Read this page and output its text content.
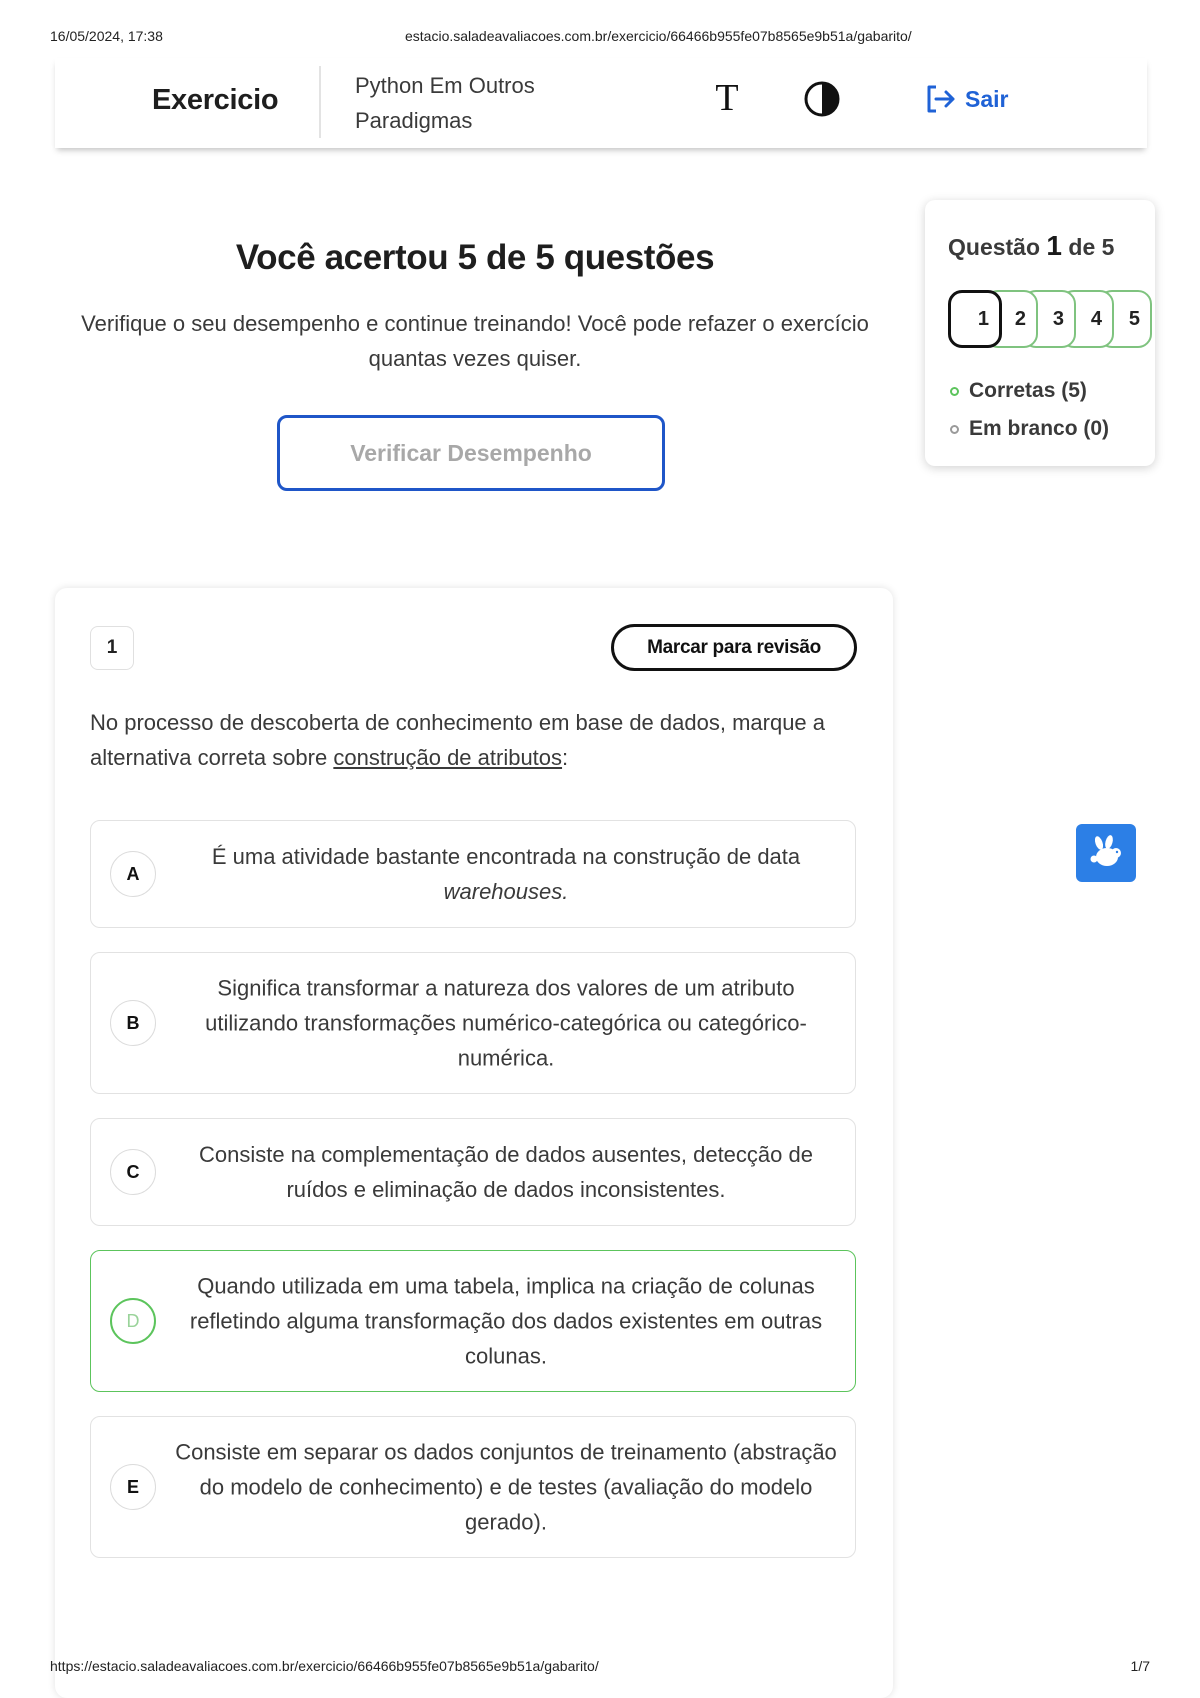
16/05/2024, 17:38	estacio.saladeavaliacoes.com.br/exercicio/66466b955fe07b8565e9b51a/gabarito/
Exercicio	Python Em Outros Paradigmas
T	Sair
Você acertou 5 de 5 questões
Verifique o seu desempenho e continue treinando! Você pode refazer o exercício quantas vezes quiser.
Verificar Desempenho
Questão 1 de 5
1	2	3	4	5
Corretas (5)
Em branco (0)
1	Marcar para revisão
No processo de descoberta de conhecimento em base de dados, marque a alternativa correta sobre construção de atributos:
A
É uma atividade bastante encontrada na construção de data warehouses.
B
Significa transformar a natureza dos valores de um atributo utilizando transformações numérico-categórica ou categórico-numérica.
C
Consiste na complementação de dados ausentes, detecção de ruídos e eliminação de dados inconsistentes.
D
Quando utilizada em uma tabela, implica na criação de colunas refletindo alguma transformação dos dados existentes em outras colunas.
E
Consiste em separar os dados conjuntos de treinamento (abstração do modelo de conhecimento) e de testes (avaliação do modelo gerado).
https://estacio.saladeavaliacoes.com.br/exercicio/66466b955fe07b8565e9b51a/gabarito/	1/7
